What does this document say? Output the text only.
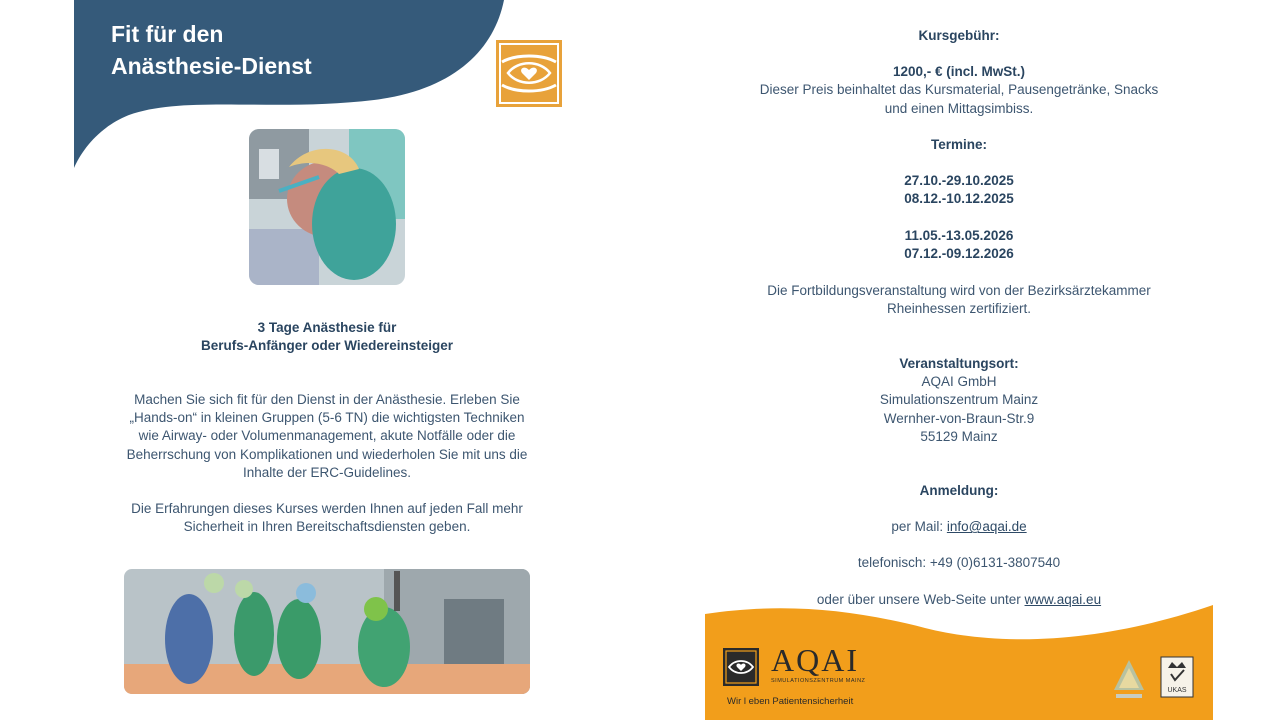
Fit für den
Anästhesie-Dienst
3 Tage Anästhesie für
Berufs-Anfänger oder Wiedereinsteiger
Machen Sie sich fit für den Dienst in der Anästhesie. Erleben Sie
„Hands-on“ in kleinen Gruppen (5-6 TN) die wichtigsten Techniken
wie Airway- oder Volumenmanagement, akute Notfälle oder die
Beherrschung von Komplikationen und wiederholen Sie mit uns die
Inhalte der ERC-Guidelines.
Die Erfahrungen dieses Kurses werden Ihnen auf jeden Fall mehr
Sicherheit in Ihren Bereitschaftsdiensten geben.
Kursgebühr:
1200,- € (incl. MwSt.)
Dieser Preis beinhaltet das Kursmaterial, Pausengetränke, Snacks
und einen Mittagsimbiss.
Termine:
27.10.-29.10.2025
08.12.-10.12.2025
11.05.-13.05.2026
07.12.-09.12.2026
Die Fortbildungsveranstaltung wird von der Bezirksärztekammer
Rheinhessen zertifiziert.
Veranstaltungsort:
AQAI GmbH
Simulationszentrum Mainz
Wernher-von-Braun-Str.9
55129 Mainz
Anmeldung:
per Mail: info@aqai.de
telefonisch: +49 (0)6131-3807540
oder über unsere Web-Seite unter www.aqai.eu
AQAI
SIMULATIONSZENTRUM MAINZ
Wir l eben Patientensicherheit
UKAS
